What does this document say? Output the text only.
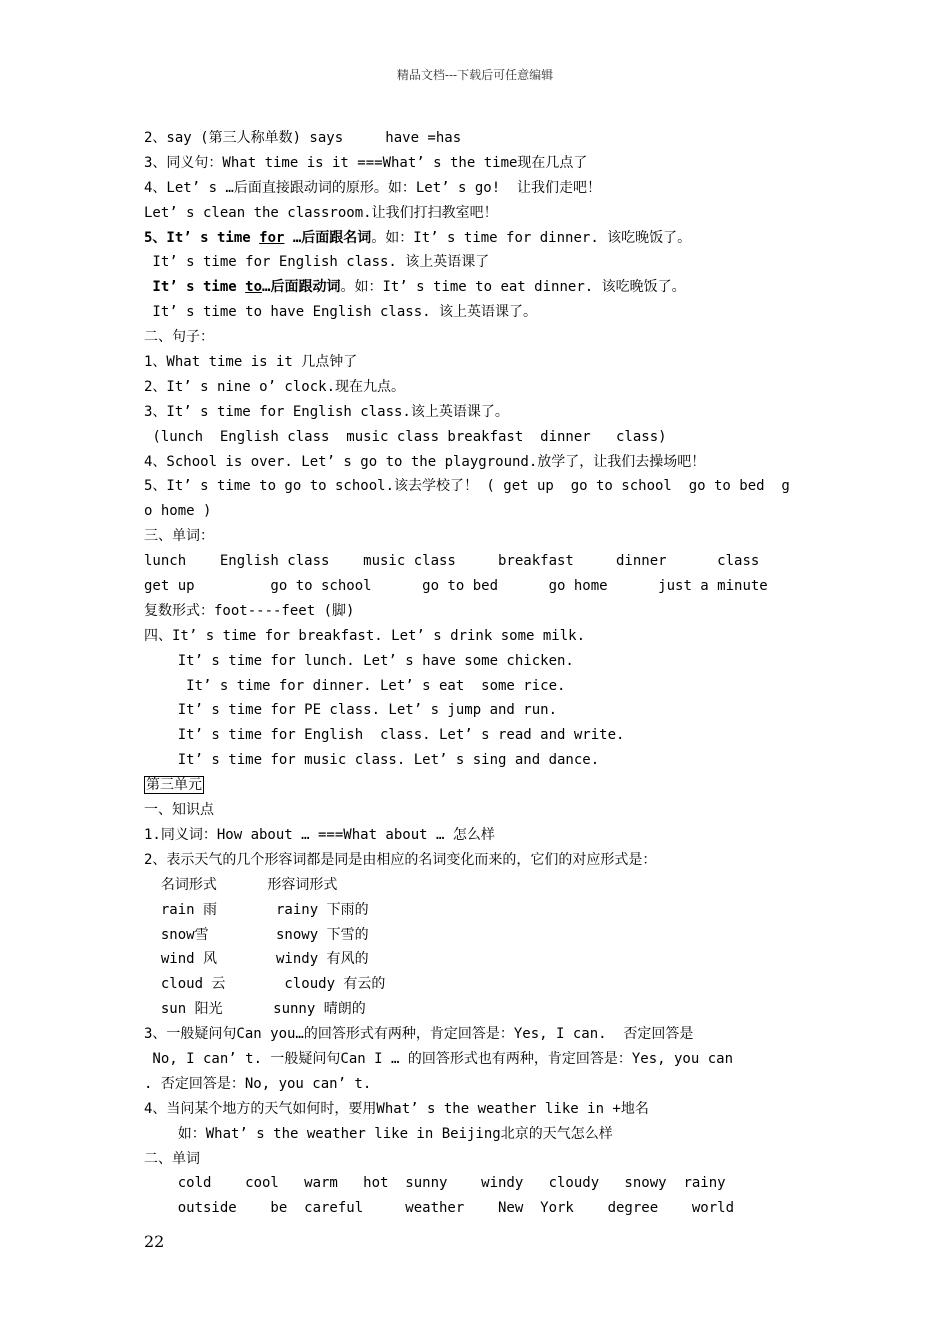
精品文档---下载后可任意编辑
2、say (第三人称单数) says     have =has
3、同义句：What time is it ===What’ s the time现在几点了
4、Let’ s …后面直接跟动词的原形。如：Let’ s go!  让我们走吧！
Let’ s clean the classroom.让我们打扫教室吧！
5、It’ s time for …后面跟名词。如：It’ s time for dinner. 该吃晚饭了。
It’ s time for English class. 该上英语课了
It’ s time to…后面跟动词。如：It’ s time to eat dinner. 该吃晚饭了。
It’ s time to have English class. 该上英语课了。
二、句子：
1、What time is it 几点钟了
2、It’ s nine o’ clock.现在九点。
3、It’ s time for English class.该上英语课了。
(lunch  English class  music class breakfast  dinner   class)
4、School is over. Let’ s go to the playground.放学了，让我们去操场吧！
5、It’ s time to go to school.该去学校了！ ( get up  go to school  go to bed  g
o home )
三、单词：
lunch    English class    music class     breakfast     dinner      class
get up         go to school      go to bed      go home      just a minute
复数形式：foot----feet (脚)
四、It’ s time for breakfast. Let’ s drink some milk.
It’ s time for lunch. Let’ s have some chicken.
It’ s time for dinner. Let’ s eat  some rice.
It’ s time for PE class. Let’ s jump and run.
It’ s time for English  class. Let’ s read and write.
It’ s time for music class. Let’ s sing and dance.
第三单元
一、知识点
1.同义词：How about … ===What about … 怎么样
2、表示天气的几个形容词都是同是由相应的名词变化而来的，它们的对应形式是：
名词形式      形容词形式
rain 雨       rainy 下雨的
snow雪        snowy 下雪的
wind 风       windy 有风的
cloud 云       cloudy 有云的
sun 阳光      sunny 晴朗的
3、一般疑问句Can you…的回答形式有两种，肯定回答是：Yes, I can.  否定回答是
No, I can’ t. 一般疑问句Can I … 的回答形式也有两种，肯定回答是：Yes, you can
. 否定回答是：No, you can’ t.
4、当问某个地方的天气如何时，要用What’ s the weather like in +地名
如：What’ s the weather like in Beijing北京的天气怎么样
二、单词
cold    cool   warm   hot  sunny    windy   cloudy   snowy  rainy
outside    be  careful     weather    New  York    degree    world
22
